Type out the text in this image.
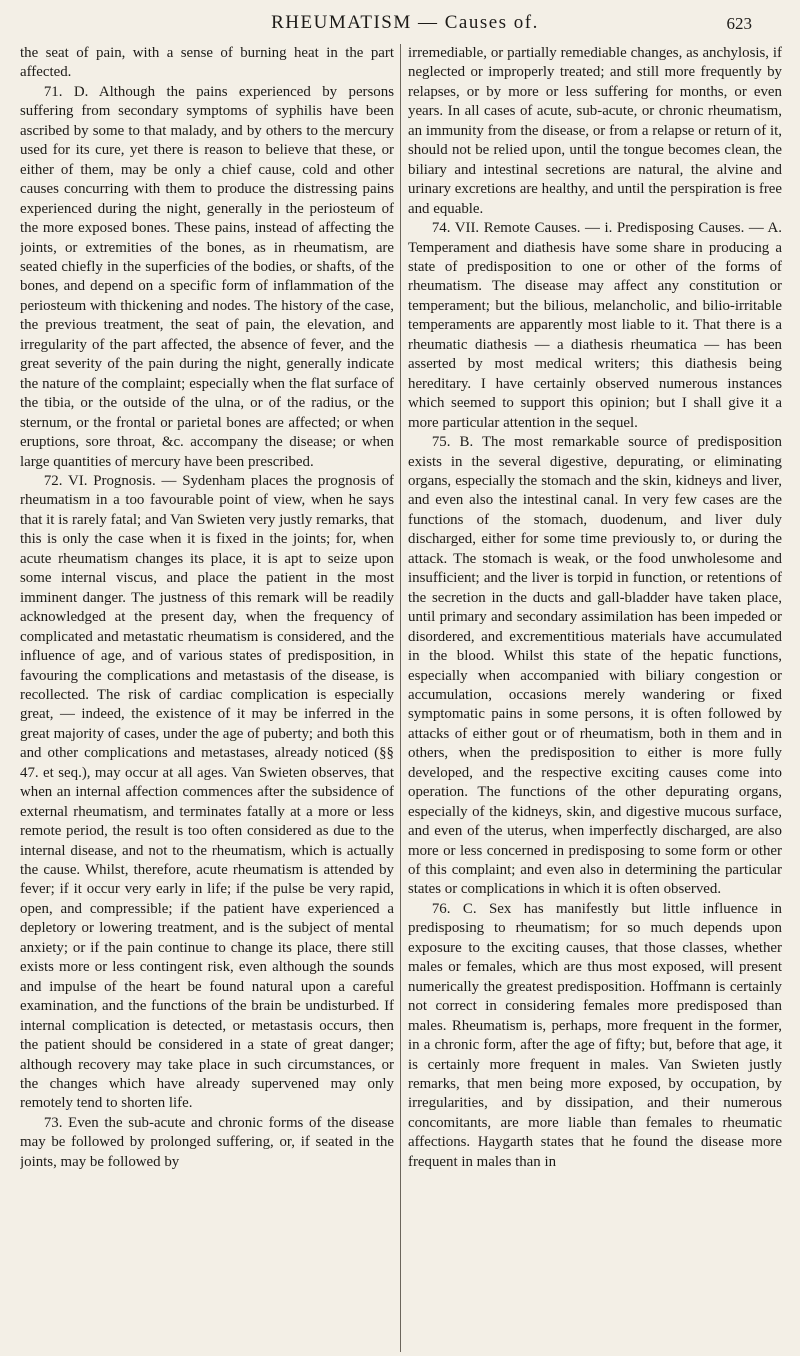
RHEUMATISM — Causes of.	623

the seat of pain, with a sense of burning heat in the part affected.

71. D. Although the pains experienced by persons suffering from secondary symptoms of syphilis have been ascribed by some to that malady, and by others to the mercury used for its cure, yet there is reason to believe that these, or either of them, may be only a chief cause, cold and other causes concurring with them to produce the distressing pains experienced during the night, generally in the periosteum of the more exposed bones. These pains, instead of affecting the joints, or extremities of the bones, as in rheumatism, are seated chiefly in the superficies of the bodies, or shafts, of the bones, and depend on a specific form of inflammation of the periosteum with thickening and nodes. The history of the case, the previous treatment, the seat of pain, the elevation, and irregularity of the part affected, the absence of fever, and the great severity of the pain during the night, generally indicate the nature of the complaint; especially when the flat surface of the tibia, or the outside of the ulna, or of the radius, or the sternum, or the frontal or parietal bones are affected; or when eruptions, sore throat, &c. accompany the disease; or when large quantities of mercury have been prescribed.

72. VI. Prognosis. — Sydenham places the prognosis of rheumatism in a too favourable point of view, when he says that it is rarely fatal; and Van Swieten very justly remarks, that this is only the case when it is fixed in the joints; for, when acute rheumatism changes its place, it is apt to seize upon some internal viscus, and place the patient in the most imminent danger. The justness of this remark will be readily acknowledged at the present day, when the frequency of complicated and metastatic rheumatism is considered, and the influence of age, and of various states of predisposition, in favouring the complications and metastasis of the disease, is recollected. The risk of cardiac complication is especially great, — indeed, the existence of it may be inferred in the great majority of cases, under the age of puberty; and both this and other complications and metastases, already noticed (§§ 47. et seq.), may occur at all ages. Van Swieten observes, that when an internal affection commences after the subsidence of external rheumatism, and terminates fatally at a more or less remote period, the result is too often considered as due to the internal disease, and not to the rheumatism, which is actually the cause. Whilst, therefore, acute rheumatism is attended by fever; if it occur very early in life; if the pulse be very rapid, open, and compressible; if the patient have experienced a depletory or lowering treatment, and is the subject of mental anxiety; or if the pain continue to change its place, there still exists more or less contingent risk, even although the sounds and impulse of the heart be found natural upon a careful examination, and the functions of the brain be undisturbed. If internal complication is detected, or metastasis occurs, then the patient should be considered in a state of great danger; although recovery may take place in such circumstances, or the changes which have already supervened may only remotely tend to shorten life.

73. Even the sub-acute and chronic forms of the disease may be followed by prolonged suffering, or, if seated in the joints, may be followed by

irremediable, or partially remediable changes, as anchylosis, if neglected or improperly treated; and still more frequently by relapses, or by more or less suffering for months, or even years. In all cases of acute, sub-acute, or chronic rheumatism, an immunity from the disease, or from a relapse or return of it, should not be relied upon, until the tongue becomes clean, the biliary and intestinal secretions are natural, the alvine and urinary excretions are healthy, and until the perspiration is free and equable.

74. VII. Remote Causes. — i. Predisposing Causes. — A. Temperament and diathesis have some share in producing a state of predisposition to one or other of the forms of rheumatism. The disease may affect any constitution or temperament; but the bilious, melancholic, and bilio-irritable temperaments are apparently most liable to it. That there is a rheumatic diathesis — a diathesis rheumatica — has been asserted by most medical writers; this diathesis being hereditary. I have certainly observed numerous instances which seemed to support this opinion; but I shall give it a more particular attention in the sequel.

75. B. The most remarkable source of predisposition exists in the several digestive, depurating, or eliminating organs, especially the stomach and the skin, kidneys and liver, and even also the intestinal canal. In very few cases are the functions of the stomach, duodenum, and liver duly discharged, either for some time previously to, or during the attack. The stomach is weak, or the food unwholesome and insufficient; and the liver is torpid in function, or retentions of the secretion in the ducts and gall-bladder have taken place, until primary and secondary assimilation has been impeded or disordered, and excrementitious materials have accumulated in the blood. Whilst this state of the hepatic functions, especially when accompanied with biliary congestion or accumulation, occasions merely wandering or fixed symptomatic pains in some persons, it is often followed by attacks of either gout or of rheumatism, both in them and in others, when the predisposition to either is more fully developed, and the respective exciting causes come into operation. The functions of the other depurating organs, especially of the kidneys, skin, and digestive mucous surface, and even of the uterus, when imperfectly discharged, are also more or less concerned in predisposing to some form or other of this complaint; and even also in determining the particular states or complications in which it is often observed.

76. C. Sex has manifestly but little influence in predisposing to rheumatism; for so much depends upon exposure to the exciting causes, that those classes, whether males or females, which are thus most exposed, will present numerically the greatest predisposition. Hoffmann is certainly not correct in considering females more predisposed than males. Rheumatism is, perhaps, more frequent in the former, in a chronic form, after the age of fifty; but, before that age, it is certainly more frequent in males. Van Swieten justly remarks, that men being more exposed, by occupation, by irregularities, and by dissipation, and their numerous concomitants, are more liable than females to rheumatic affections. Haygarth states that he found the disease more frequent in males than in
